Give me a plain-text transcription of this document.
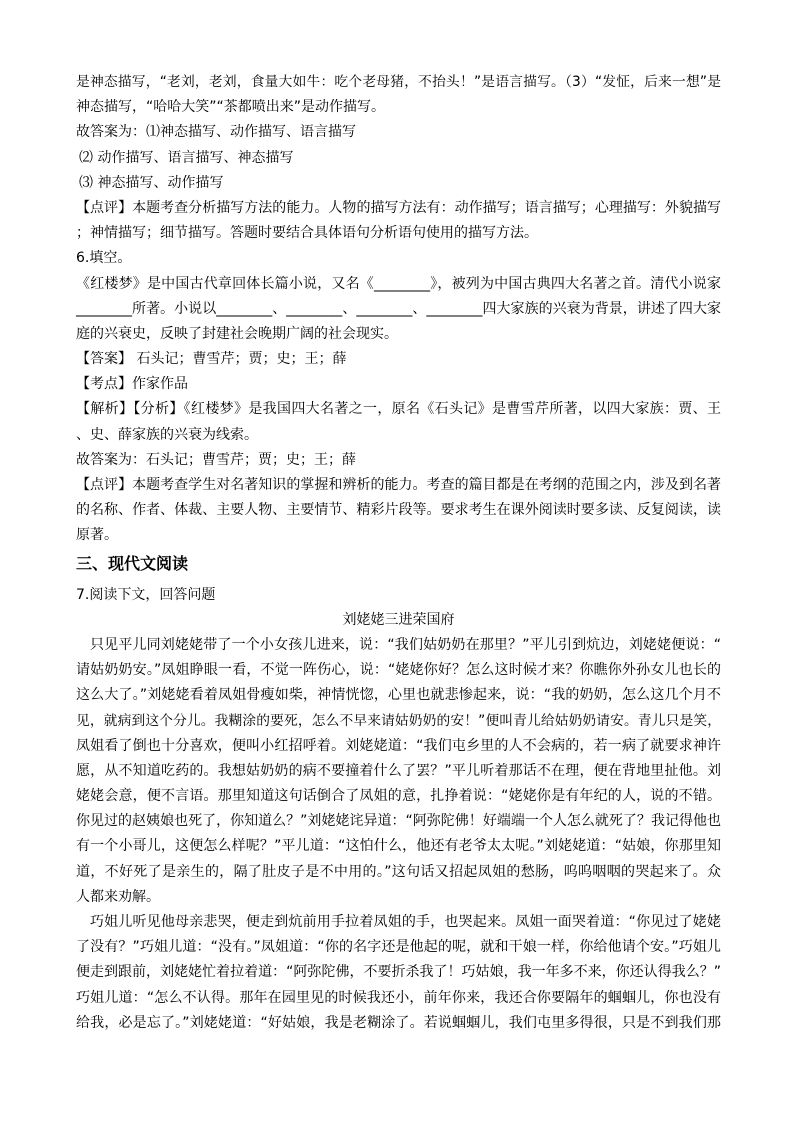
是神态描写，“老刘，老刘，食量大如牛：吃个老母猪，不抬头！”是语言描写。（3）“发怔，后来一想”是
神态描写，“哈哈大笑”“茶都喷出来”是动作描写。
故答案为：⑴神态描写、动作描写、语言描写
⑵ 动作描写、语言描写、神态描写
⑶ 神态描写、动作描写
【点评】本题考查分析描写方法的能力。人物的描写方法有：动作描写；语言描写；心理描写：外貌描写
；神情描写；细节描写。答题时要结合具体语句分析语句使用的描写方法。
6.填空。
《红楼梦》是中国古代章回体长篇小说，又名《________》，被列为中国古典四大名著之首。清代小说家
________所著。小说以________、________、________、________四大家族的兴衰为背景，讲述了四大家
庭的兴衰史，反映了封建社会晚期广阔的社会现实。
【答案】 石头记；曹雪芹；贾；史；王；薛
【考点】作家作品
【解析】【分析】《红楼梦》是我国四大名著之一，原名《石头记》是曹雪芹所著，以四大家族：贾、王
、史、薛家族的兴衰为线索。
故答案为：石头记；曹雪芹；贾；史；王；薛
【点评】本题考查学生对名著知识的掌握和辨析的能力。考查的篇目都是在考纲的范围之内，涉及到名著
的名称、作者、体裁、主要人物、主要情节、精彩片段等。要求考生在课外阅读时要多读、反复阅读，读
原著。
三、现代文阅读
7.阅读下文，回答问题
刘姥姥三进荣国府
只见平儿同刘姥姥带了一个小女孩儿进来，说：“我们姑奶奶在那里？”平儿引到炕边，刘姥姥便说：“
请姑奶奶安。”凤姐睁眼一看，不觉一阵伤心，说：“姥姥你好？怎么这时候才来？你瞧你外孙女儿也长的
这么大了。”刘姥姥看着凤姐骨瘦如柴，神情恍惚，心里也就悲惨起来，说：“我的奶奶，怎么这几个月不
见，就病到这个分儿。我糊涂的要死，怎么不早来请姑奶奶的安！”便叫青儿给姑奶奶请安。青儿只是笑，
凤姐看了倒也十分喜欢，便叫小红招呼着。刘姥姥道：“我们屯乡里的人不会病的，若一病了就要求神许
愿，从不知道吃药的。我想姑奶奶的病不要撞着什么了罢？”平儿听着那话不在理，便在背地里扯他。刘
姥姥会意，便不言语。那里知道这句话倒合了凤姐的意，扎挣着说：“姥姥你是有年纪的人，说的不错。
你见过的赵姨娘也死了，你知道么？”刘姥姥诧异道：“阿弥陀佛！好端端一个人怎么就死了？我记得他也
有一个小哥儿，这便怎么样呢？”平儿道：“这怕什么，他还有老爷太太呢。”刘姥姥道：“姑娘，你那里知
道，不好死了是亲生的，隔了肚皮子是不中用的。”这句话又招起凤姐的愁肠，呜呜咽咽的哭起来了。众
人都来劝解。
巧姐儿听见他母亲悲哭，便走到炕前用手拉着凤姐的手，也哭起来。凤姐一面哭着道：“你见过了姥姥
了没有？”巧姐儿道：“没有。”凤姐道：“你的名字还是他起的呢，就和干娘一样，你给他请个安。”巧姐儿
便走到跟前，刘姥姥忙着拉着道：“阿弥陀佛，不要折杀我了！巧姑娘，我一年多不来，你还认得我么？”
巧姐儿道：“怎么不认得。那年在园里见的时候我还小，前年你来，我还合你要隔年的蝈蝈儿，你也没有
给我，必是忘了。”刘姥姥道：“好姑娘，我是老糊涂了。若说蝈蝈儿，我们屯里多得很，只是不到我们那
